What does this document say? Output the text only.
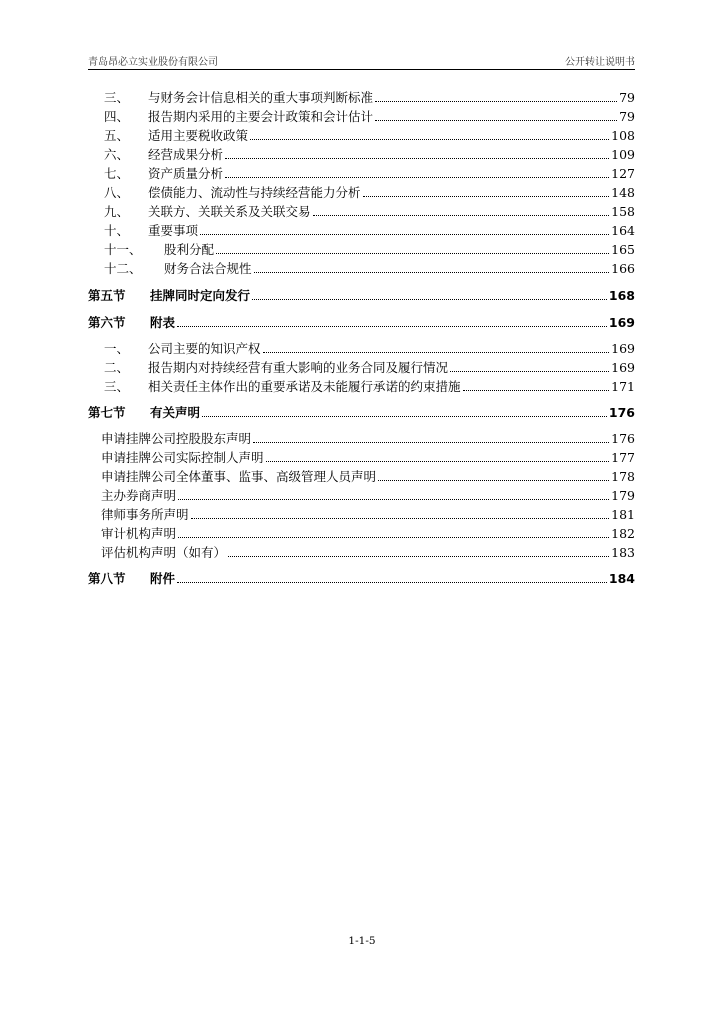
青岛昂必立实业股份有限公司	公开转让说明书
三、	与财务会计信息相关的重大事项判断标准	79
四、	报告期内采用的主要会计政策和会计估计	79
五、	适用主要税收政策	108
六、	经营成果分析	109
七、	资产质量分析	127
八、	偿债能力、流动性与持续经营能力分析	148
九、	关联方、关联关系及关联交易	158
十、	重要事项	164
十一、	股利分配	165
十二、	财务合法合规性	166
第五节	挂牌同时定向发行	168
第六节	附表	169
一、	公司主要的知识产权	169
二、	报告期内对持续经营有重大影响的业务合同及履行情况	169
三、	相关责任主体作出的重要承诺及未能履行承诺的约束措施	171
第七节	有关声明	176
申请挂牌公司控股股东声明	176
申请挂牌公司实际控制人声明	177
申请挂牌公司全体董事、监事、高级管理人员声明	178
主办券商声明	179
律师事务所声明	181
审计机构声明	182
评估机构声明（如有）	183
第八节	附件	184
1-1-5
